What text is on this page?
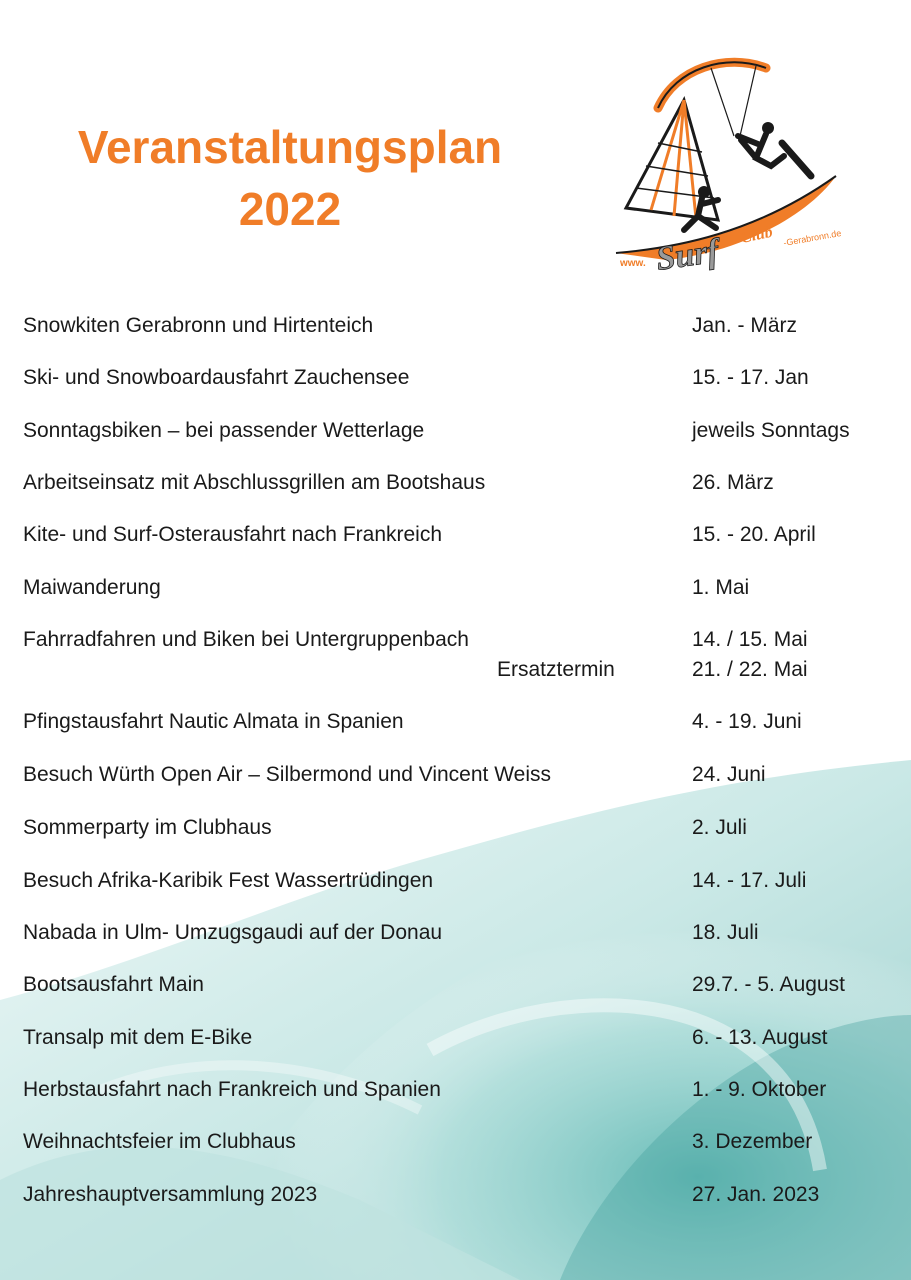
Veranstaltungsplan
2022
www. Surf Club -Gerabronn.de
Snowkiten Gerabronn und Hirtenteich	Jan. - März
Ski- und Snowboardausfahrt Zauchensee	15. - 17. Jan
Sonntagsbiken – bei passender Wetterlage	jeweils Sonntags
Arbeitseinsatz mit Abschlussgrillen am Bootshaus	26. März
Kite- und Surf-Osterausfahrt nach Frankreich	15. - 20. April
Maiwanderung	1. Mai
Fahrradfahren und Biken bei Untergruppenbach	14. / 15. Mai
Ersatztermin	21. / 22. Mai
Pfingstausfahrt Nautic Almata in Spanien	4. - 19. Juni
Besuch Würth Open Air – Silbermond und Vincent Weiss	24. Juni
Sommerparty im Clubhaus	2. Juli
Besuch Afrika-Karibik Fest Wassertrüdingen	14. - 17. Juli
Nabada in Ulm- Umzugsgaudi auf der Donau	18. Juli
Bootsausfahrt Main	29.7. - 5. August
Transalp mit dem E-Bike	6. - 13. August
Herbstausfahrt nach Frankreich und Spanien	1. - 9. Oktober
Weihnachtsfeier im Clubhaus	3. Dezember
Jahreshauptversammlung 2023	27. Jan. 2023
